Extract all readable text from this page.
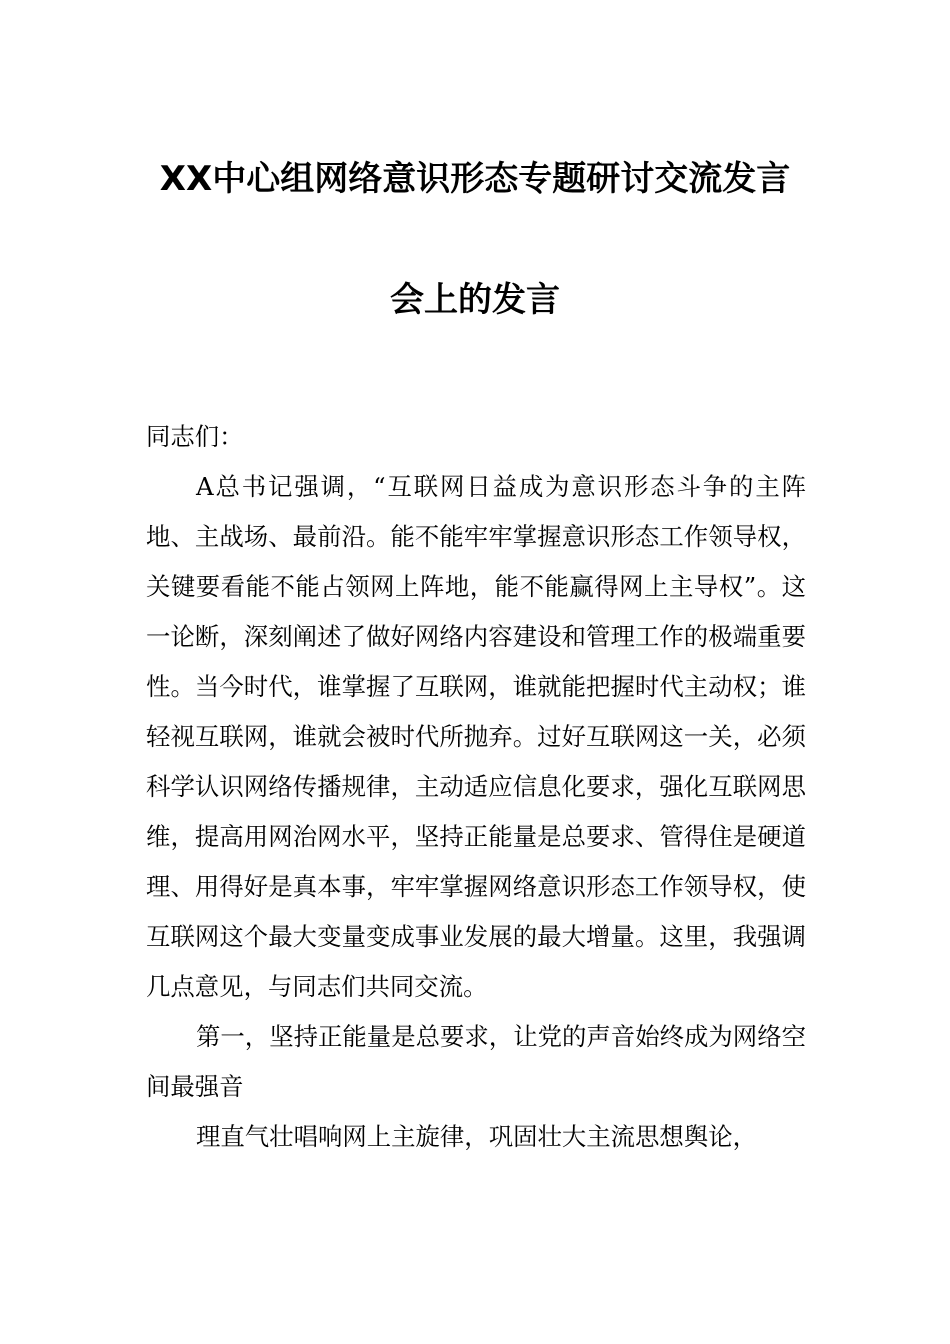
XX中心组网络意识形态专题研讨交流发言
会上的发言

同志们：

A总书记强调，“互联网日益成为意识形态斗争的主阵地、主战场、最前沿。能不能牢牢掌握意识形态工作领导权，关键要看能不能占领网上阵地，能不能赢得网上主导权”。这一论断，深刻阐述了做好网络内容建设和管理工作的极端重要性。当今时代，谁掌握了互联网，谁就能把握时代主动权；谁轻视互联网，谁就会被时代所抛弃。过好互联网这一关，必须科学认识网络传播规律，主动适应信息化要求，强化互联网思维，提高用网治网水平，坚持正能量是总要求、管得住是硬道理、用得好是真本事，牢牢掌握网络意识形态工作领导权，使互联网这个最大变量变成事业发展的最大增量。这里，我强调几点意见，与同志们共同交流。

第一，坚持正能量是总要求，让党的声音始终成为网络空间最强音

理直气壮唱响网上主旋律，巩固壮大主流思想舆论，
